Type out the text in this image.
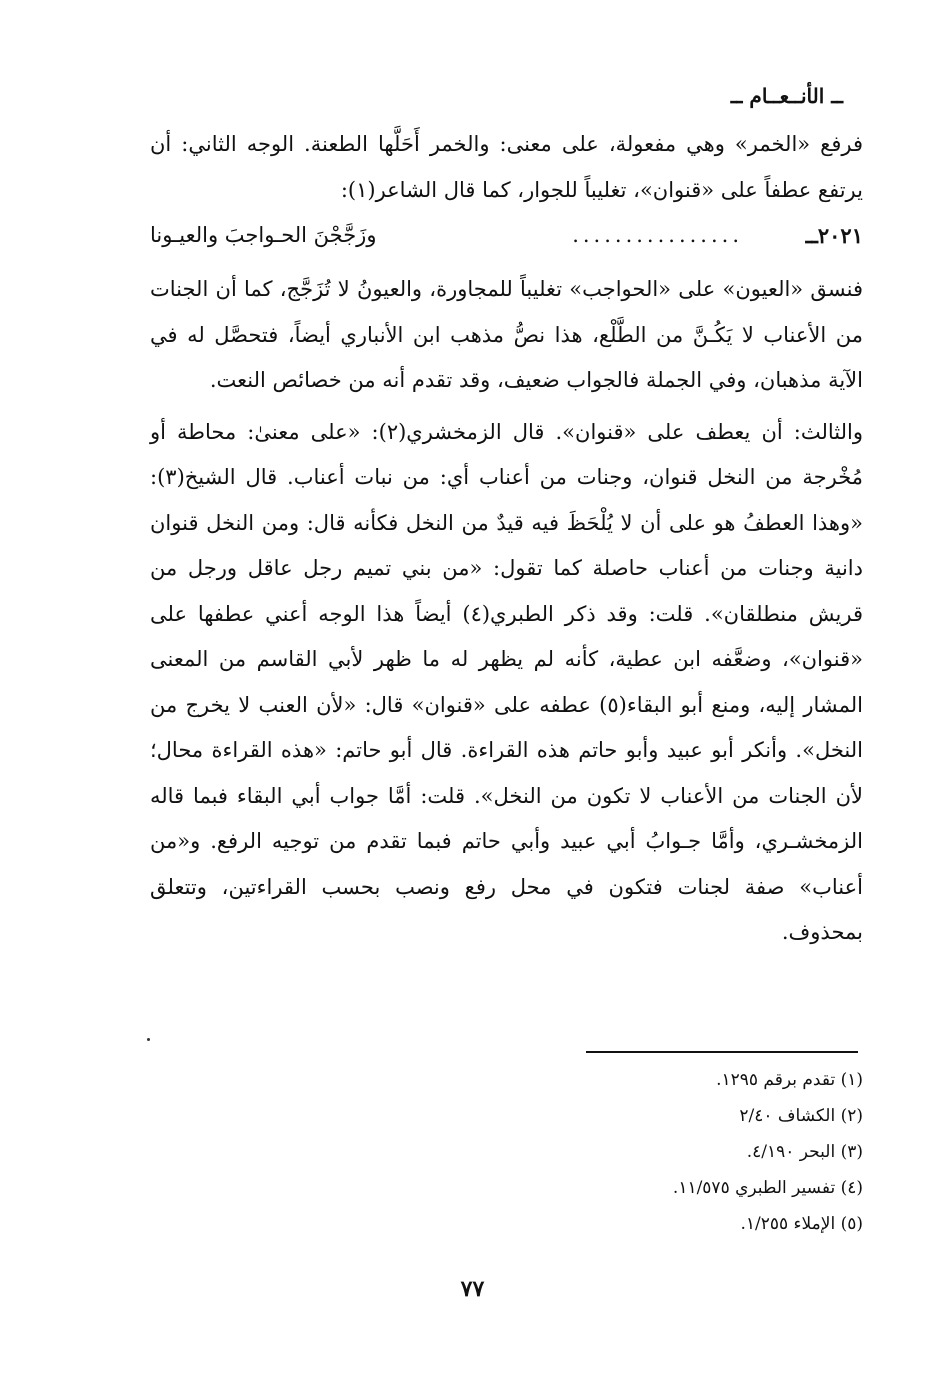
ــ الأنــعــام ــ

فرفع «الخمر» وهي مفعولة، على معنى: والخمر أَحَلَّها الطعنة. الوجه الثاني: أن يرتفع عطفاً على «قنوان»، تغليباً للجوار، كما قال الشاعر(١):

٢٠٢١ــ
................
وزَجَّجْنَ الحـواجبَ والعيـونا

فنسق «العيون» على «الحواجب» تغليباً للمجاورة، والعيونُ لا تُزَجَّج، كما أن الجنات من الأعناب لا يَكُـنَّ من الطَّلْع، هذا نصُّ مذهب ابن الأنباري أيضاً، فتحصَّل له في الآية مذهبان، وفي الجملة فالجواب ضعيف، وقد تقدم أنه من خصائص النعت.

والثالث: أن يعطف على «قنوان». قال الزمخشري(٢): «على معنىٰ: محاطة أو مُخْرجة من النخل قنوان، وجنات من أعناب أي: من نبات أعناب. قال الشيخ(٣): «وهذا العطفُ هو على أن لا يُلْحَظَ فيه قيدٌ من النخل فكأنه قال: ومن النخل قنوان دانية وجنات من أعناب حاصلة كما تقول: «من بني تميم رجل عاقل ورجل من قريش منطلقان». قلت: وقد ذكر الطبري(٤) أيضاً هذا الوجه أعني عطفها على «قنوان»، وضعَّفه ابن عطية، كأنه لم يظهر له ما ظهر لأبي القاسم من المعنى المشار إليه، ومنع أبو البقاء(٥) عطفه على «قنوان» قال: «لأن العنب لا يخرج من النخل». وأنكر أبو عبيد وأبو حاتم هذه القراءة. قال أبو حاتم: «هذه القراءة محال؛ لأن الجنات من الأعناب لا تكون من النخل». قلت: أمَّا جواب أبي البقاء فبما قاله الزمخشـري، وأمَّا جـوابُ أبي عبيد وأبي حاتم فبما تقدم من توجيه الرفع. و«من أعناب» صفة لجنات فتكون في محل رفع ونصب بحسب القراءتين، وتتعلق بمحذوف.

(١) تقدم برقم ١٢٩٥.
(٢) الكشاف ٢/٤٠
(٣) البحر ٤/١٩٠.
(٤) تفسير الطبري ١١/٥٧٥.
(٥) الإملاء ١/٢٥٥.
٧٧
